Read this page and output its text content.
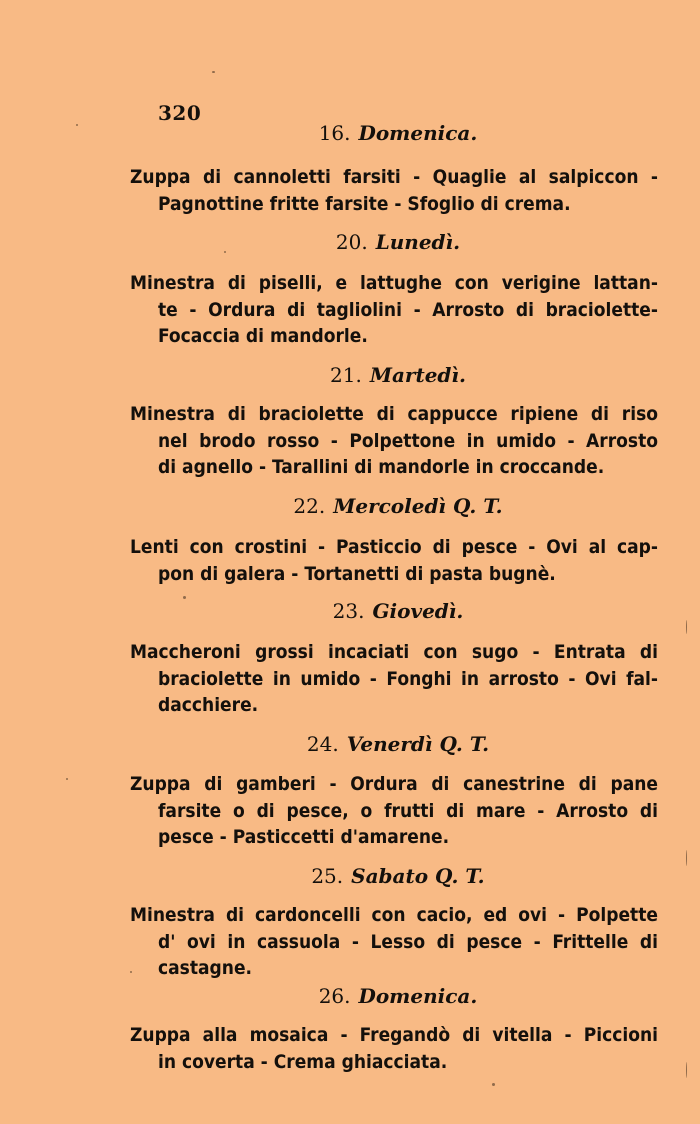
320
16. Domenica.
Zuppa di cannoletti farsiti - Quaglie al salpiccon -
Pagnottine fritte farsite - Sfoglio di crema.
20. Lunedì.
Minestra di piselli, e lattughe con verigine lattan-
te - Ordura di tagliolini - Arrosto di braciolette-
Focaccia di mandorle.
21. Martedì.
Minestra di braciolette di cappucce ripiene di riso
nel brodo rosso - Polpettone in umido - Arrosto
di agnello - Tarallini di mandorle in croccande.
22. Mercoledì Q. T.
Lenti con crostini - Pasticcio di pesce - Ovi al cap-
pon di galera - Tortanetti di pasta bugnè.
23. Giovedì.
Maccheroni grossi incaciati con sugo - Entrata di
braciolette in umido - Fonghi in arrosto - Ovi fal-
dacchiere.
24. Venerdì Q. T.
Zuppa di gamberi - Ordura di canestrine di pane
farsite o di pesce, o frutti di mare - Arrosto di
pesce - Pasticcetti d'amarene.
25. Sabato Q. T.
Minestra di cardoncelli con cacio, ed ovi - Polpette
d' ovi in cassuola - Lesso di pesce - Frittelle di
castagne.
26. Domenica.
Zuppa alla mosaica - Fregandò di vitella - Piccioni
in coverta - Crema ghiacciata.
